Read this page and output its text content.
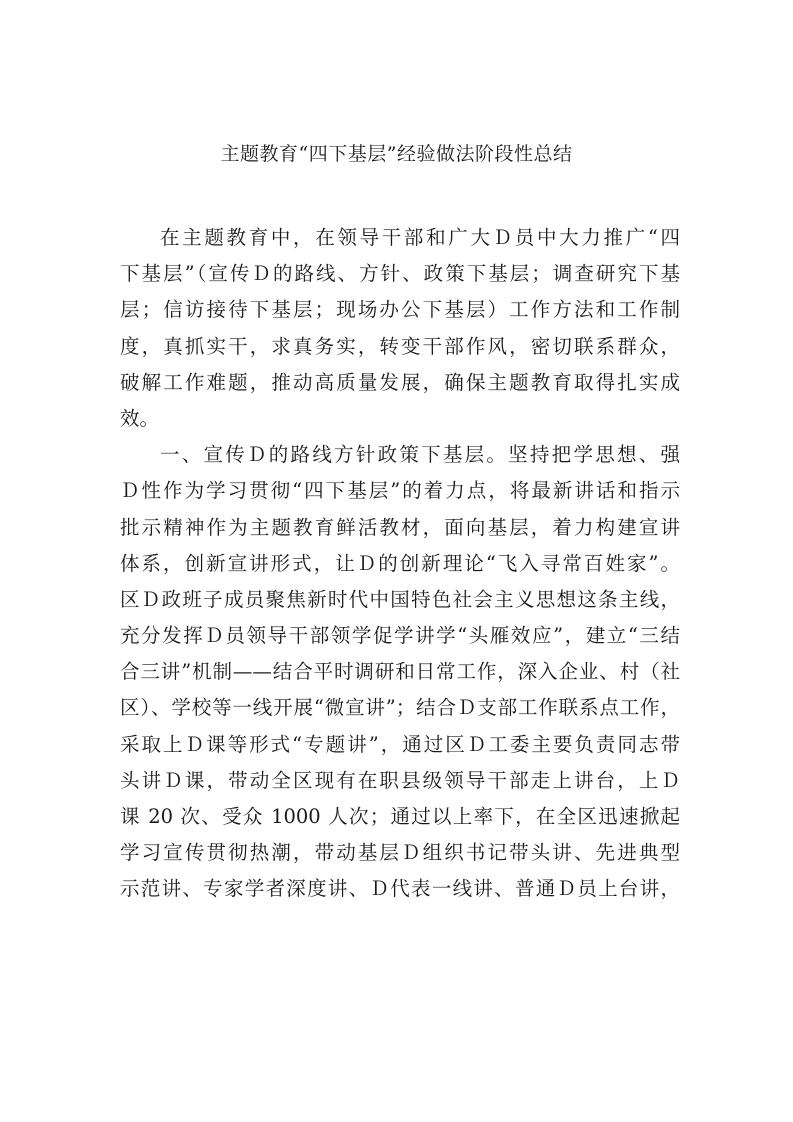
主题教育“四下基层”经验做法阶段性总结
在主题教育中，在领导干部和广大Ｄ员中大力推广“四
下基层”（宣传Ｄ的路线、方针、政策下基层；调查研究下基
层；信访接待下基层；现场办公下基层）工作方法和工作制
度，真抓实干，求真务实，转变干部作风，密切联系群众，
破解工作难题，推动高质量发展，确保主题教育取得扎实成
效。
一、宣传Ｄ的路线方针政策下基层。坚持把学思想、强
Ｄ性作为学习贯彻“四下基层”的着力点，将最新讲话和指示
批示精神作为主题教育鲜活教材，面向基层，着力构建宣讲
体系，创新宣讲形式，让Ｄ的创新理论“飞入寻常百姓家”。
区Ｄ政班子成员聚焦新时代中国特色社会主义思想这条主线，
充分发挥Ｄ员领导干部领学促学讲学“头雁效应”，建立“三结
合三讲”机制——结合平时调研和日常工作，深入企业、村（社
区）、学校等一线开展“微宣讲”；结合Ｄ支部工作联系点工作，
采取上Ｄ课等形式“专题讲”，通过区Ｄ工委主要负责同志带
头讲Ｄ课，带动全区现有在职县级领导干部走上讲台，上Ｄ
课 20 次、受众 1000 人次；通过以上率下，在全区迅速掀起
学习宣传贯彻热潮，带动基层Ｄ组织书记带头讲、先进典型
示范讲、专家学者深度讲、Ｄ代表一线讲、普通Ｄ员上台讲，
